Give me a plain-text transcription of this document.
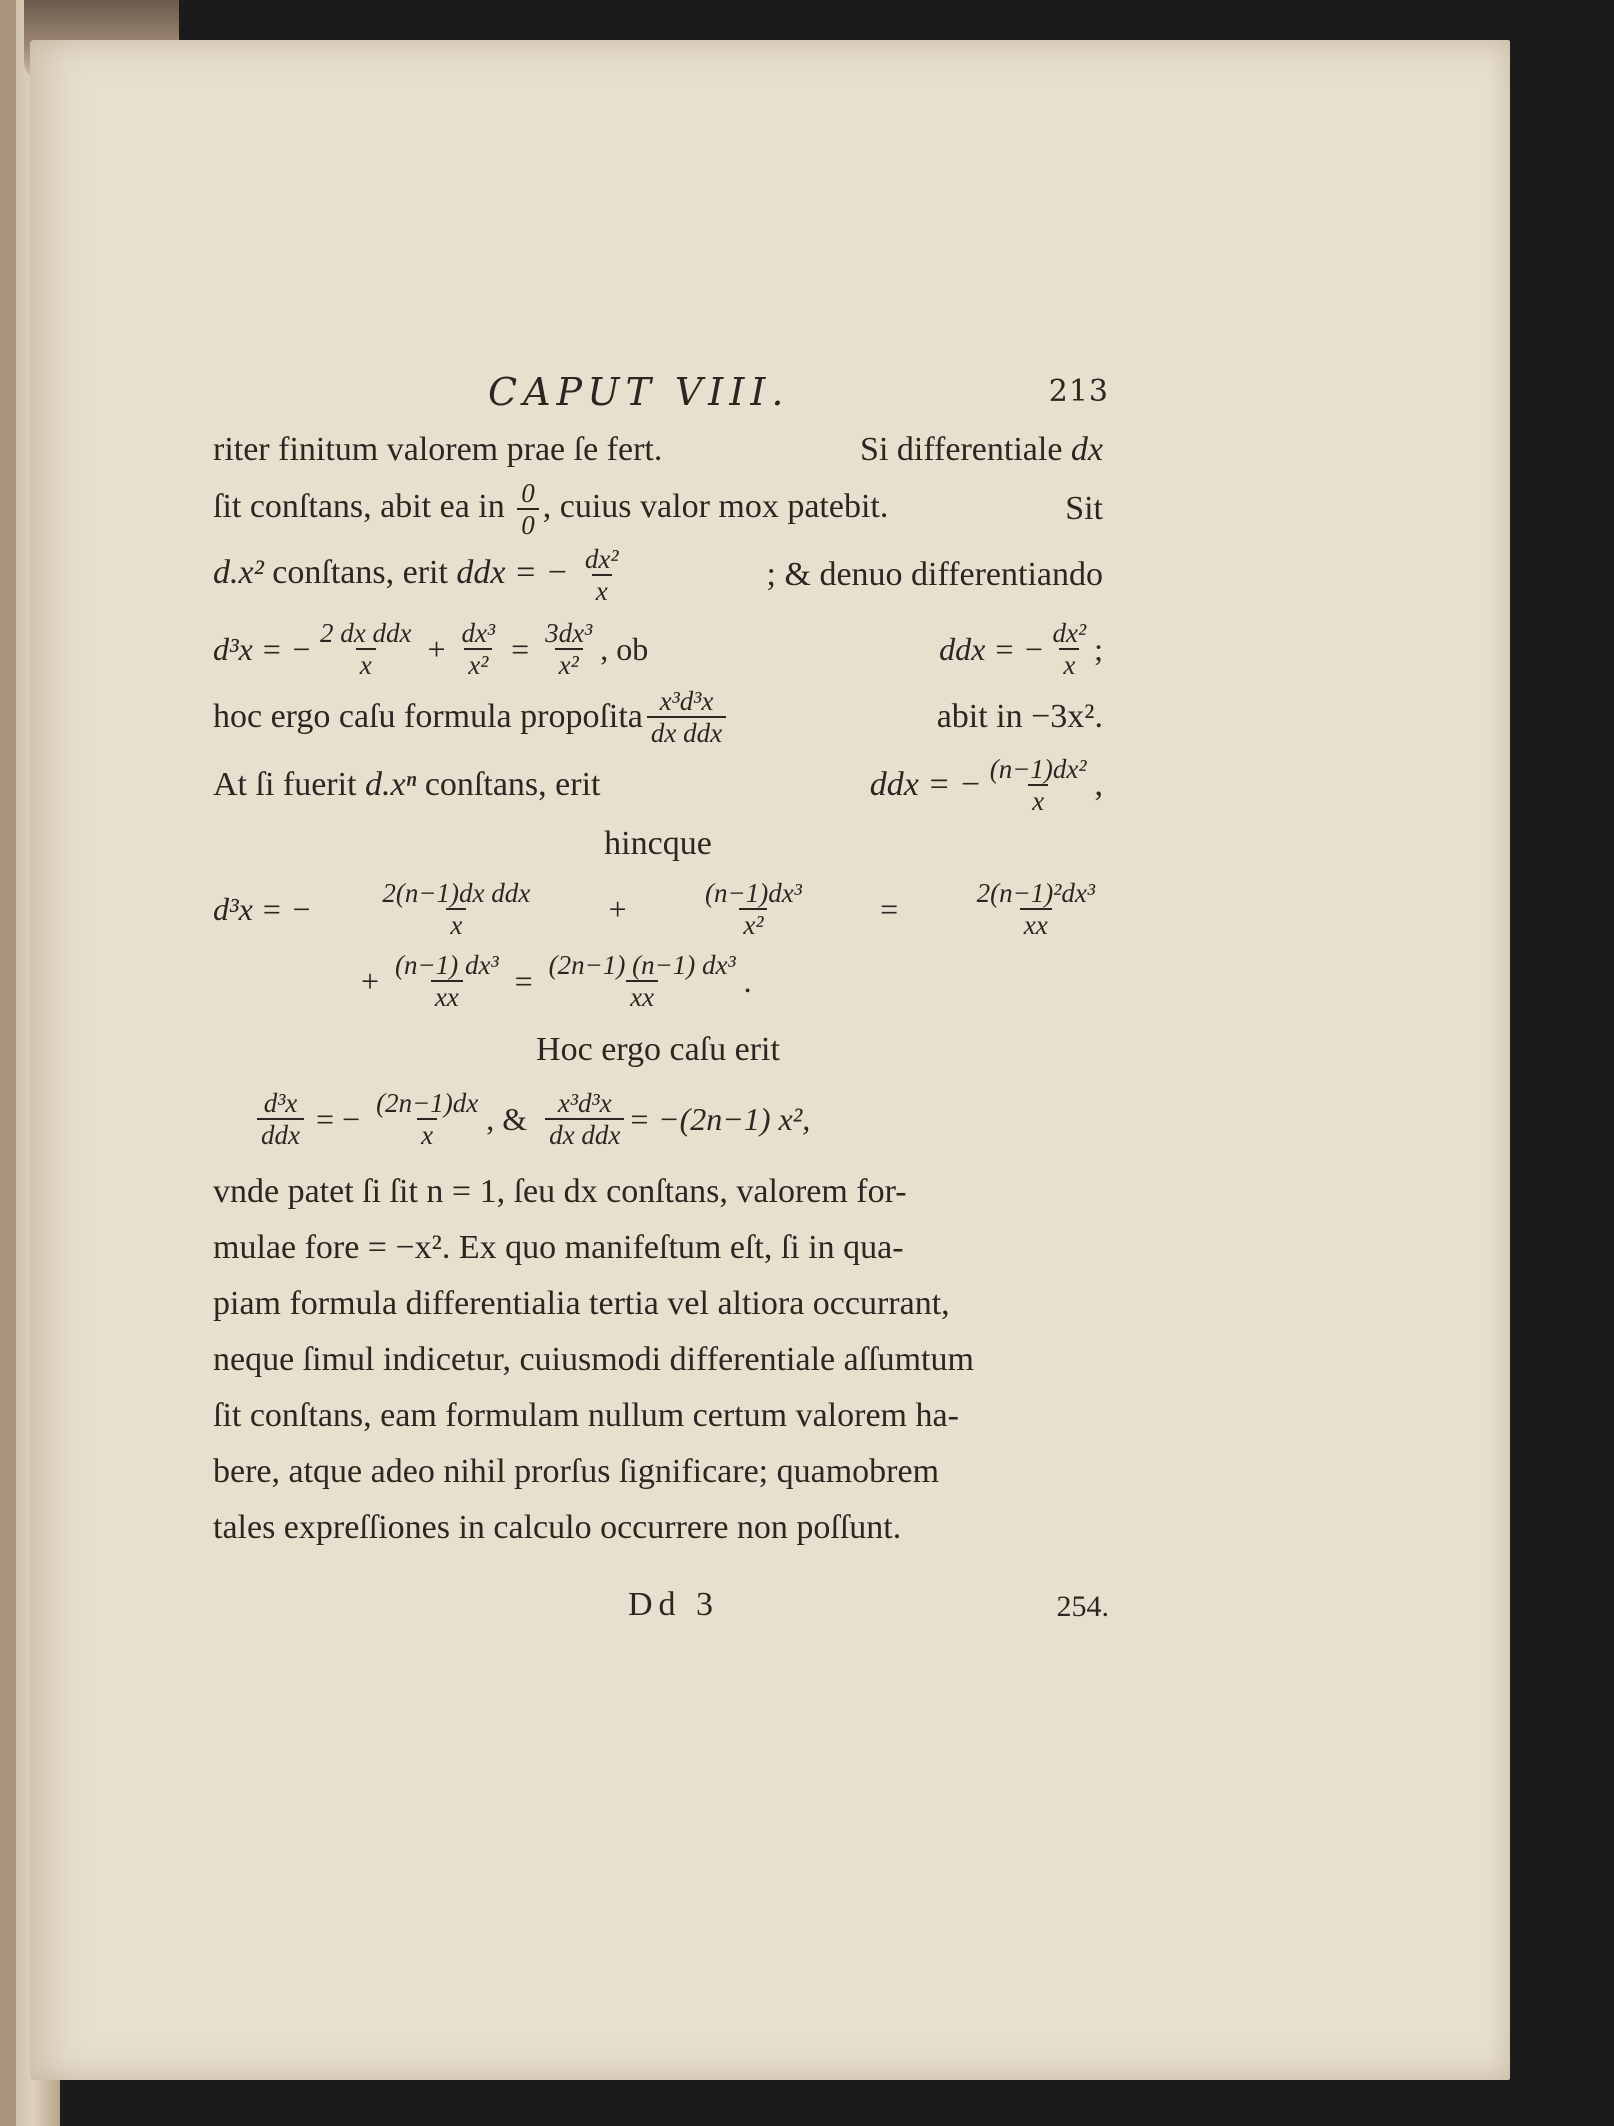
CAPUT VIII.	213
riter finitum valorem prae ſe fert.	Si differentiale dx
ſit conſtans, abit ea in $\frac{0}{0}$ , cuius valor mox patebit.	Sit
d.x² conſtans, erit ddx = − $\frac{\text{dx²}}{x}$	; & denuo differentiando
d³x = − $\frac{\text{2 dx ddx}}{x} + \frac{\text{dx³}}{\text{x²}} = \frac{\text{3dx³}}{\text{x²}}$ , ob	ddx = − $\frac{\text{dx²}}{x}$ ;
hoc ergo caſu formula propoſita $\frac{\text{x³d³x}}{\text{dx ddx}}$	abit in −3x².
At ſi fuerit d.xⁿ conſtans, erit	ddx = − $\frac{\text{(n−1)dx²}}{x}$ ,
hincque
d³x = − $\frac{\text{2(n−1)dx ddx}}{x}$ +	$\frac{\text{(n−1)dx³}}{\text{x²}}$ =	$\frac{\text{2(n−1)²dx³}}{xx}$
+ $\frac{\text{(n−1) dx³}}{xx} = \frac{\text{(2n−1) (n−1) dx³}}{xx}$ .
Hoc ergo caſu erit
$\frac{\text{d³x}}{\text{ddx}}$ = − $\frac{(2n-1)dx}{x}$ , & $\frac{\text{x³d³x}}{\text{dx ddx}} = -(2n-1)$ x²,
vnde patet ſi ſit n = 1, ſeu dx conſtans, valorem for-
mulae fore = −x². Ex quo manifeſtum eſt, ſi in qua-
piam formula differentialia tertia vel altiora occurrant,
neque ſimul indicetur, cuiusmodi differentiale aſſumtum
ſit conſtans, eam formulam nullum certum valorem ha-
bere, atque adeo nihil prorſus ſignificare; quamobrem
tales expreſſiones in calculo occurrere non poſſunt.
Dd 3	254.
